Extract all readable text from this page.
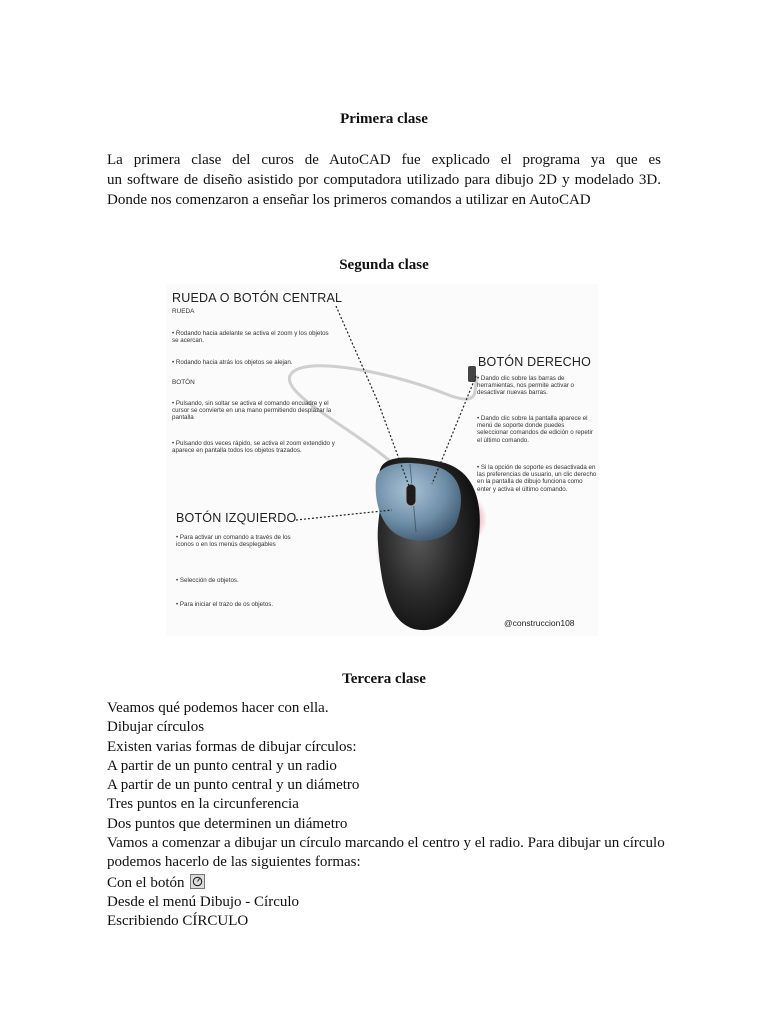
Primera clase
La primera clase del curos de AutoCAD fue explicado el programa ya que es
un software de diseño asistido por computadora utilizado para dibujo 2D y modelado 3D.
Donde nos comenzaron a enseñar los primeros comandos a utilizar en AutoCAD
Segunda clase
RUEDA O BOTÓN CENTRAL
RUEDA
• Rodando hacia adelante se activa el zoom y los objetos se acercan.
• Rodando hacia atrás los objetos se alejan.
BOTÓN
• Pulsando, sin soltar se activa el comando encuadre y el cursor se convierte en una mano permitiendo desplazar la pantalla
• Pulsando dos veces rápido, se activa el zoom extendido y aparece en pantalla todos los objetos trazados.
BOTÓN DERECHO
• Dando clic sobre las barras de herramientas, nos permite activar o desactivar nuevas barras.
• Dando clic sobre la pantalla aparece el menú de soporte donde puedes seleccionar comandos de edición o repetir el último comando.
• Si la opción de soporte es desactivada en las preferencias de usuario, un clic derecho en la pantalla de dibujo funciona como enter y activa el último comando.
BOTÓN IZQUIERDO
• Para activar un comando a través de los iconos o en los menús desplegables
• Selección de objetos.
• Para iniciar el trazo de os objetos.
@construccion108
Tercera clase
Veamos qué podemos hacer con ella.
Dibujar círculos
Existen varias formas de dibujar círculos:
A partir de un punto central y un radio
A partir de un punto central y un diámetro
Tres puntos en la circunferencia
Dos puntos que determinen un diámetro
Vamos a comenzar a dibujar un círculo marcando el centro y el radio. Para dibujar un círculo
podemos hacerlo de las siguientes formas:
Con el botón
Desde el menú Dibujo - Círculo
Escribiendo CÍRCULO
